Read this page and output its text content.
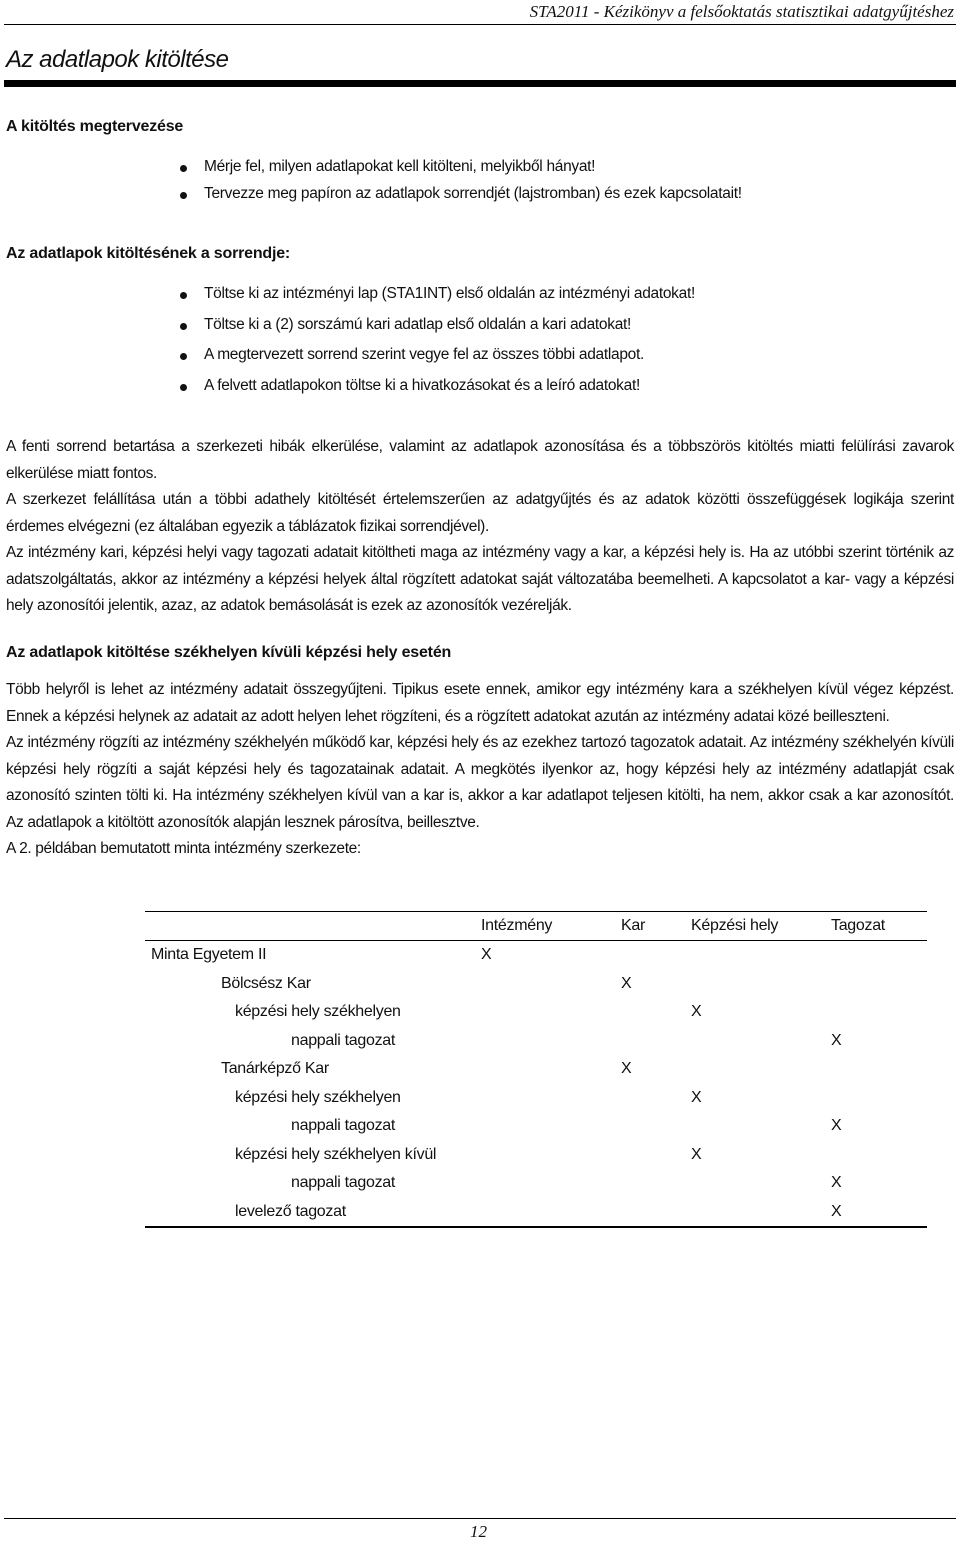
STA2011 - Kézikönyv a felsőoktatás statisztikai adatgyűjtéshez
Az adatlapok kitöltése
A kitöltés megtervezése
Mérje fel, milyen adatlapokat kell kitölteni, melyikből hányat!
Tervezze meg papíron az adatlapok sorrendjét (lajstromban) és ezek kapcsolatait!
Az adatlapok kitöltésének a sorrendje:
Töltse ki az intézményi lap (STA1INT) első oldalán az intézményi adatokat!
Töltse ki a (2) sorszámú kari adatlap első oldalán a kari adatokat!
A megtervezett sorrend szerint vegye fel az összes többi adatlapot.
A felvett adatlapokon töltse ki a hivatkozásokat és a leíró adatokat!

A fenti sorrend betartása a szerkezeti hibák elkerülése, valamint az adatlapok azonosítása és a többszörös kitöltés miatti felülírási zavarok elkerülése miatt fontos.

A szerkezet felállítása után a többi adathely kitöltését értelemszerűen az adatgyűjtés és az adatok közötti összefüggések logikája szerint érdemes elvégezni (ez általában egyezik a táblázatok fizikai sorrendjével).

Az intézmény kari, képzési helyi vagy tagozati adatait kitöltheti maga az intézmény vagy a kar, a képzési hely is. Ha az utóbbi szerint történik az adatszolgáltatás, akkor az intézmény a képzési helyek által rögzített adatokat saját változatába beemelheti. A kapcsolatot a kar- vagy a képzési hely azonosítói jelentik, azaz, az adatok bemásolását is ezek az azonosítók vezérelják.

Az adatlapok kitöltése székhelyen kívüli képzési hely esetén

Több helyről is lehet az intézmény adatait összegyűjteni. Tipikus esete ennek, amikor egy intézmény kara a székhelyen kívül végez képzést. Ennek a képzési helynek az adatait az adott helyen lehet rögzíteni, és a rögzített adatokat azután az intézmény adatai közé beilleszteni.

Az intézmény rögzíti az intézmény székhelyén működő kar, képzési hely és az ezekhez tartozó tagozatok adatait. Az intézmény székhelyén kívüli képzési hely rögzíti a saját képzési hely és tagozatainak adatait. A megkötés ilyenkor az, hogy képzési hely az intézmény adatlapját csak azonosító szinten tölti ki. Ha intézmény székhelyen kívül van a kar is, akkor a kar adatlapot teljesen kitölti, ha nem, akkor csak a kar azonosítót. Az adatlapok a kitöltött azonosítók alapján lesznek párosítva, beillesztve.

A 2. példában bemutatott minta intézmény szerkezete:

	Intézmény	Kar	Képzési hely	Tagozat
Minta Egyetem II	X			
Bölcsész Kar		X		
képzési hely székhelyen			X	
nappali tagozat				X
Tanárképző Kar		X		
képzési hely székhelyen			X	
nappali tagozat				X
képzési hely székhelyen kívül			X	
nappali tagozat				X
levelező tagozat				X
12
